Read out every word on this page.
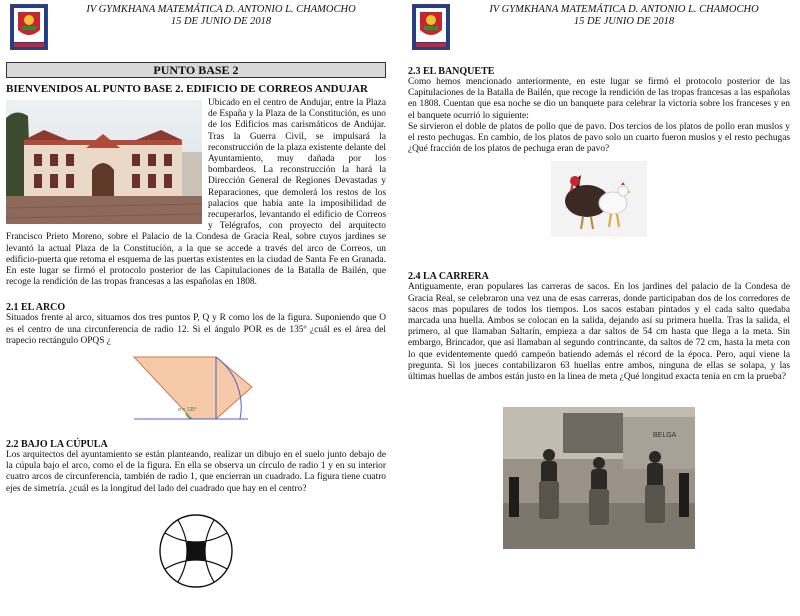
IV GYMKHANA MATEMÁTICA D. ANTONIO L. CHAMOCHO
15 DE JUNIO DE 2018
PUNTO BASE 2
BIENVENIDOS AL PUNTO BASE 2. EDIFICIO DE CORREOS ANDUJAR

Ubicado en el centro de Andujar, entre la Plaza de España y la Plaza de la Constitución, es uno de los Edificios mas carismáticos de Andújar. Tras la Guerra Civil, se impulsará la reconstrucción de la plaza existente delante del Ayuntamiento, muy dañada por los bombardeos. La reconstrucción la hará la Dirección General de Regiones Devastadas y Reparaciones, que demolerá los restos de los palacios que había ante la imposibilidad de recuperarlos, levantando el edificio de Correos y Telégrafos, con proyecto del arquitecto Francisco Prieto Moreno, sobre el Palacio de la Condesa de Gracia Real, sobre cuyos jardines se levantó la actual Plaza de la Constitución, a la que se accede a través del arco de Correos, un edificio-puerta que retoma el esquema de las puertas existentes en la ciudad de Santa Fe en Granada. En este lugar se firmó el protocolo posterior de las Capitulaciones de la Batalla de Bailén, que recoge la rendición de las tropas francesas a las españolas en 1808.

2.1 EL ARCO

Situados frente al arco, situamos dos tres puntos P, Q y R como los de la figura. Suponiendo que O es el centro de una circunferencia de radio 12. Si el ángulo POR es de 135º ¿cuál es el área del trapecio rectángulo OPQS ¿

α = 135°
2.2 BAJO LA CÚPULA

Los arquitectos del ayuntamiento se están planteando, realizar un dibujo en el suelo junto debajo de la cúpula bajo el arco, como el de la figura. En ella se observa un círculo de radio 1 y en su interior cuatro arcos de circunferencia, también de radio 1, que encierran un cuadrado. La figura tiene cuatro ejes de simetría. ¿cuál es la longitud del lado del cuadrado que hay en el centro?

IV GYMKHANA MATEMÁTICA D. ANTONIO L. CHAMOCHO
15 DE JUNIO DE 2018
2.3 EL BANQUETE

Como hemos mencionado anteriormente, en este lugar se firmó el protocolo posterior de las Capitulaciones de la Batalla de Bailén, que recoge la rendición de las tropas francesas a las españolas en 1808. Cuentan que esa noche se dio un banquete para celebrar la victoria sobre los franceses y en el banquete ocurrió lo siguiente:

Se sirvieron el doble de platos de pollo que de pavo. Dos tercios de los platos de pollo eran muslos y el resto pechugas. En cambio, de los platos de pavo solo un cuarto fueron muslos y el resto pechugas ¿Qué fracción de los platos de pechuga eran de pavo?

2.4 LA CARRERA

Antiguamente, eran populares las carreras de sacos. En los jardines del palacio de la Condesa de Gracia Real, se celebraron una vez una de esas carreras, donde participaban dos de los corredores de sacos mas populares de todos los tiempos. Los sacos estaban pintados y el cada salto quedaba marcada una huella. Ambos se colocan en la salida, dejando así su primera huella. Tras la salida, el primero, al que llamaban Saltarín, empieza a dar saltos de 54 cm hasta que llega a la meta. Sin embargo, Brincador, que así llamaban al segundo contrincante, da saltos de 72 cm, hasta la meta con lo que evidentemente quedó campeón batiendo además el récord de la época. Pero, aquí viene la pregunta. Si los jueces contabilizaron 63 huellas entre ambos, ninguna de ellas se solapa, y las últimas huellas de ambos están justo en la línea de meta ¿Qué longitud exacta tenía en cm la prueba?

BELGA
